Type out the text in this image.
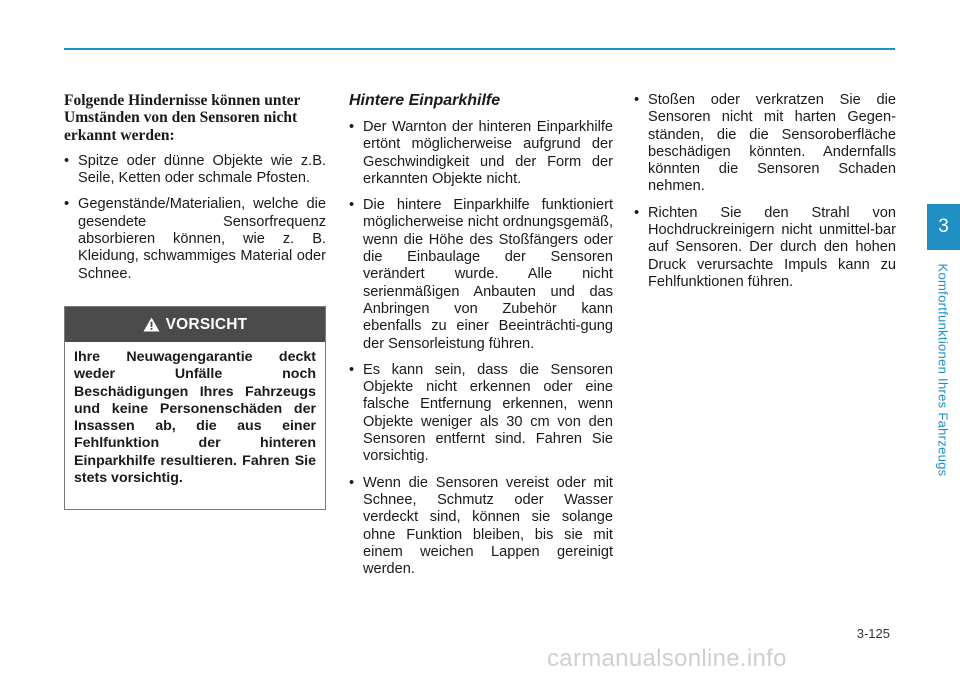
Folgende Hindernisse können unter Umständen von den Sensoren nicht erkannt werden:

• Spitze oder dünne Objekte wie z.B. Seile, Ketten oder schmale Pfosten.
• Gegenstände/Materialien, welche die gesendete Sensorfrequenz absorbieren können, wie z. B. Kleidung, schwammiges Material oder Schnee.
VORSICHT
Ihre Neuwagengarantie deckt weder Unfälle noch Beschädigungen Ihres Fahrzeugs und keine Personenschäden der Insassen ab, die aus einer Fehlfunktion der hinteren Einparkhilfe resultieren. Fahren Sie stets vorsichtig.

Hintere Einparkhilfe

• Der Warnton der hinteren Einparkhilfe ertönt möglicherweise aufgrund der Geschwindigkeit und der Form der erkannten Objekte nicht.
• Die hintere Einparkhilfe funktioniert möglicherweise nicht ordnungsgemäß, wenn die Höhe des Stoßfängers oder die Einbaulage der Sensoren verändert wurde. Alle nicht serienmäßigen Anbauten und das Anbringen von Zubehör kann ebenfalls zu einer Beeinträchti-gung der Sensorleistung führen.
• Es kann sein, dass die Sensoren Objekte nicht erkennen oder eine falsche Entfernung erkennen, wenn Objekte weniger als 30 cm von den Sensoren entfernt sind. Fahren Sie vorsichtig.
• Wenn die Sensoren vereist oder mit Schnee, Schmutz oder Wasser verdeckt sind, können sie solange ohne Funktion bleiben, bis sie mit einem weichen Lappen gereinigt werden.
• Stoßen oder verkratzen Sie die Sensoren nicht mit harten Gegen-ständen, die die Sensoroberfläche beschädigen könnten. Andernfalls könnten die Sensoren Schaden nehmen.
• Richten Sie den Strahl von Hochdruckreinigern nicht unmittel-bar auf Sensoren. Der durch den hohen Druck verursachte Impuls kann zu Fehlfunktionen führen.
3
Komfortfunktionen Ihres Fahrzeugs
3-125
carmanualsonline.info
